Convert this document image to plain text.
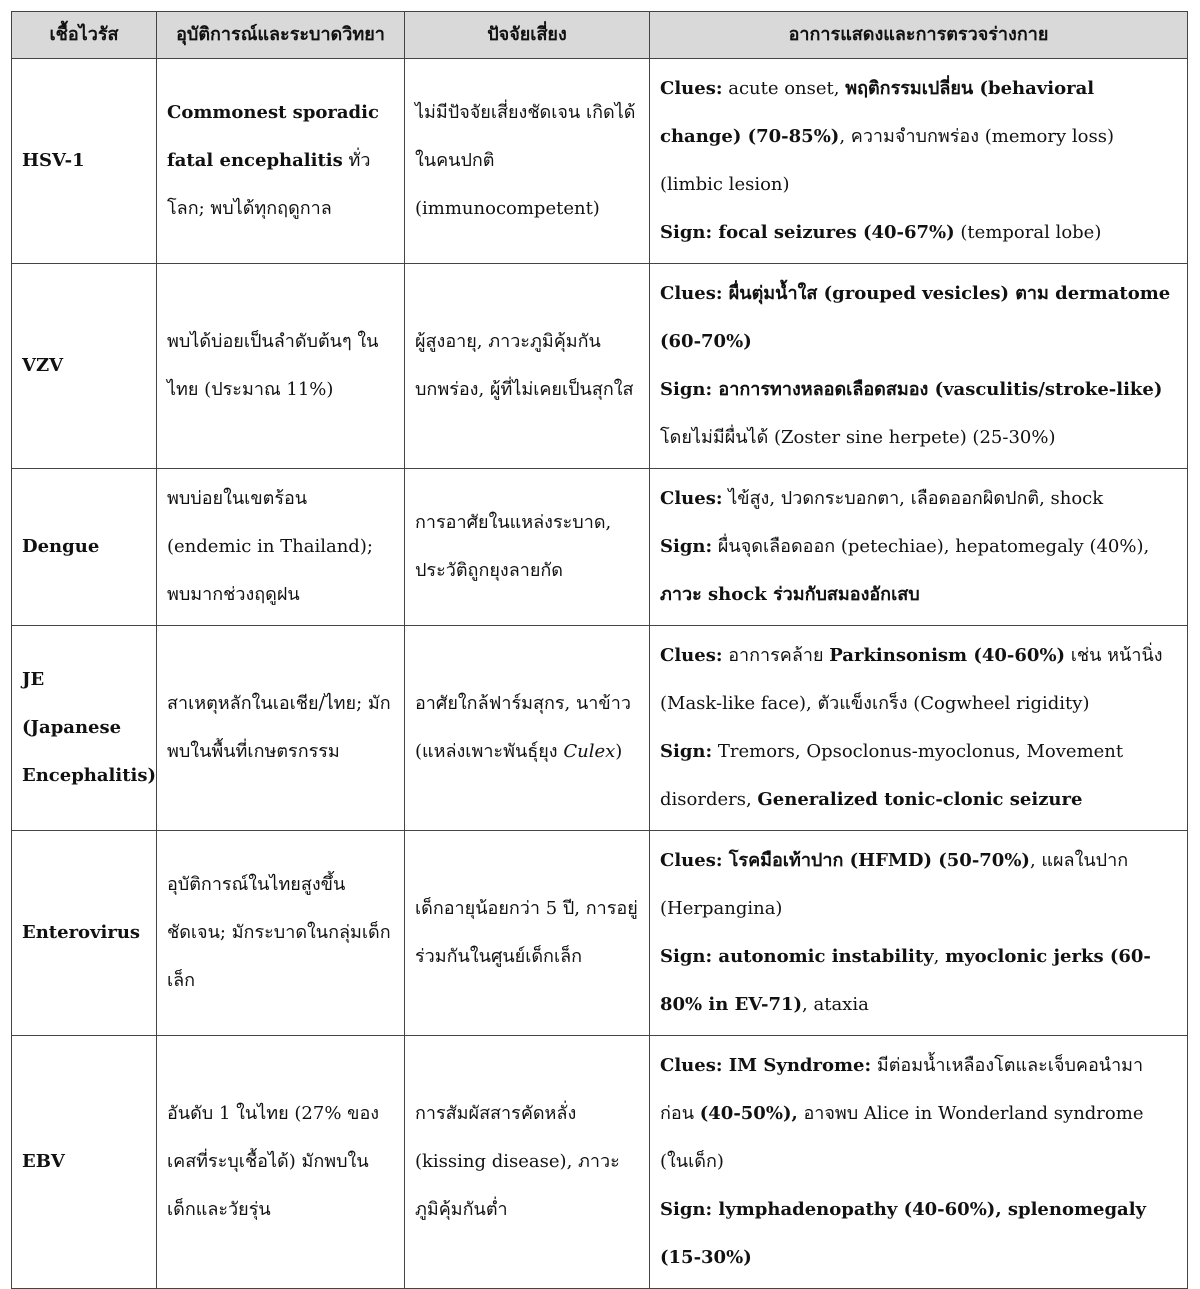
เชื้อไวรัส	อุบัติการณ์และระบาดวิทยา	ปัจจัยเสี่ยง	อาการแสดงและการตรวจร่างกาย
HSV-1	Commonest sporadic fatal encephalitis ทั่วโลก; พบได้ทุกฤดูกาล	ไม่มีปัจจัยเสี่ยงชัดเจน เกิดได้ในคนปกติ (immunocompetent)	Clues: acute onset, พฤติกรรมเปลี่ยน (behavioral change) (70-85%), ความจำบกพร่อง (memory loss) (limbic lesion)
Sign: focal seizures (40-67%) (temporal lobe)
VZV	พบได้บ่อยเป็นลำดับต้นๆ ในไทย (ประมาณ 11%)	ผู้สูงอายุ, ภาวะภูมิคุ้มกันบกพร่อง, ผู้ที่ไม่เคยเป็นสุกใส	Clues: ผื่นตุ่มน้ำใส (grouped vesicles) ตาม dermatome (60-70%)
Sign: อาการทางหลอดเลือดสมอง (vasculitis/stroke-like) โดยไม่มีผื่นได้ (Zoster sine herpete) (25-30%)
Dengue	พบบ่อยในเขตร้อน (endemic in Thailand); พบมากช่วงฤดูฝน	การอาศัยในแหล่งระบาด, ประวัติถูกยุงลายกัด	Clues: ไข้สูง, ปวดกระบอกตา, เลือดออกผิดปกติ, shock
Sign: ผื่นจุดเลือดออก (petechiae), hepatomegaly (40%), ภาวะ shock ร่วมกับสมองอักเสบ
JE (Japanese Encephalitis)	สาเหตุหลักในเอเชีย/ไทย; มักพบในพื้นที่เกษตรกรรม	อาศัยใกล้ฟาร์มสุกร, นาข้าว (แหล่งเพาะพันธุ์ยุง Culex)	Clues: อาการคล้าย Parkinsonism (40-60%) เช่น หน้านิ่ง (Mask-like face), ตัวแข็งเกร็ง (Cogwheel rigidity)
Sign: Tremors, Opsoclonus-myoclonus, Movement disorders, Generalized tonic-clonic seizure
Enterovirus	อุบัติการณ์ในไทยสูงขึ้นชัดเจน; มักระบาดในกลุ่มเด็กเล็ก	เด็กอายุน้อยกว่า 5 ปี, การอยู่ร่วมกันในศูนย์เด็กเล็ก	Clues: โรคมือเท้าปาก (HFMD) (50-70%), แผลในปาก (Herpangina)
Sign: autonomic instability, myoclonic jerks (60-80% in EV-71), ataxia
EBV	อันดับ 1 ในไทย (27% ของเคสที่ระบุเชื้อได้) มักพบในเด็กและวัยรุ่น	การสัมผัสสารคัดหลั่ง (kissing disease), ภาวะภูมิคุ้มกันต่ำ	Clues: IM Syndrome: มีต่อมน้ำเหลืองโตและเจ็บคอนำมาก่อน (40-50%), อาจพบ Alice in Wonderland syndrome (ในเด็ก)
Sign: lymphadenopathy (40-60%), splenomegaly (15-30%)
